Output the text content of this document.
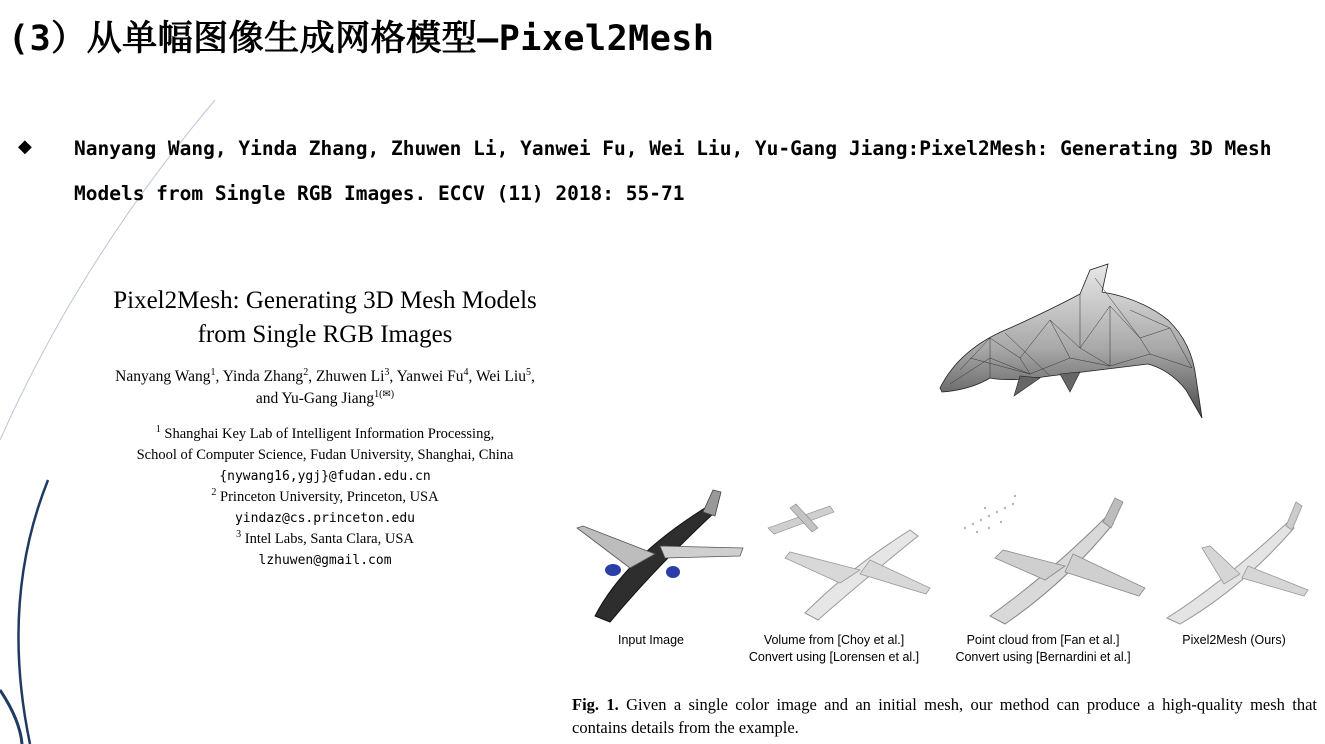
(3）从单幅图像生成网格模型—Pixel2Mesh
◆ Nanyang Wang, Yinda Zhang, Zhuwen Li, Yanwei Fu, Wei Liu, Yu-Gang Jiang:Pixel2Mesh: Generating 3D Mesh Models from Single RGB Images. ECCV (11) 2018: 55-71

Pixel2Mesh: Generating 3D Mesh Models
from Single RGB Images

Nanyang Wang$^1$, Yinda Zhang$^2$, Zhuwen Li$^3$, Yanwei Fu$^4$, Wei Liu$^5$,
and Yu-Gang Jiang$^{1(✉)}$

$^1$ Shanghai Key Lab of Intelligent Information Processing,
School of Computer Science, Fudan University, Shanghai, China
{nywang16,ygj}@fudan.edu.cn
$^2$ Princeton University, Princeton, USA
yindaz@cs.princeton.edu
$^3$ Intel Labs, Santa Clara, USA
lzhuwen@gmail.com
Input Image	Volume from [Choy et al.]
Convert using [Lorensen et al.]
Point cloud from [Fan et al.]
Convert using [Bernardini et al.]
Pixel2Mesh (Ours)

Fig. 1. Given a single color image and an initial mesh, our method can produce a high-quality mesh that contains details from the example.
